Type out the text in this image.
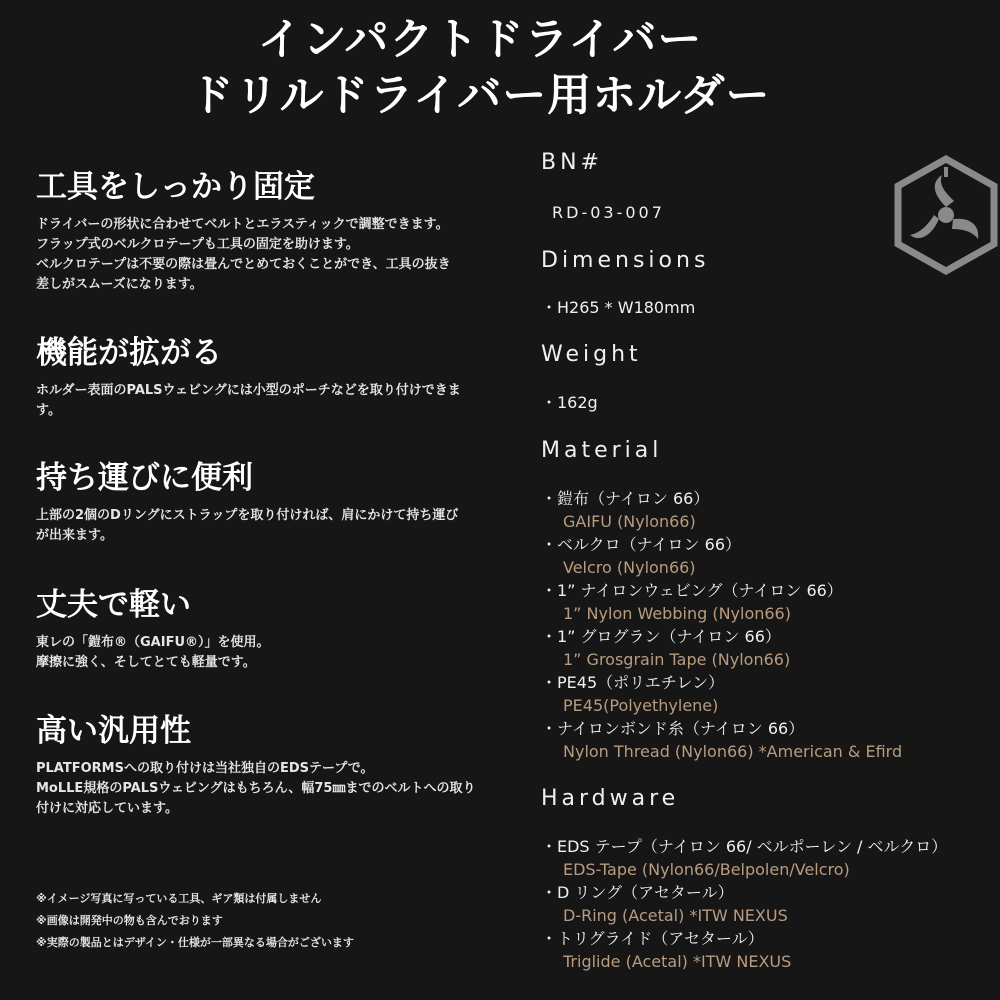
インパクトドライバー
ドリルドライバー用ホルダー
工具をしっかり固定

ドライバーの形状に合わせてベルトとエラスティックで調整できます。
フラップ式のベルクロテープも工具の固定を助けます。
ベルクロテープは不要の際は畳んでとめておくことができ、工具の抜き
差しがスムーズになります。

機能が拡がる

ホルダー表面のPALSウェビングには小型のポーチなどを取り付けできま
す。

持ち運びに便利

上部の2個のDリングにストラップを取り付ければ、肩にかけて持ち運び
が出来ます。

丈夫で軽い

東レの「鎧布®（GAIFU®）」を使用。
摩擦に強く、そしてとても軽量です。

高い汎用性

PLATFORMSへの取り付けは当社独自のEDSテープで。
MoLLE規格のPALSウェビングはもちろん、幅75㎜までのベルトへの取り
付けに対応しています。

※イメージ写真に写っている工具、ギア類は付属しません
※画像は開発中の物も含んでおります
※実際の製品とはデザイン・仕様が一部異なる場合がございます
BN#
RD-03-007
Dimensions
・H265 * W180mm
Weight
・162g
Material
・鎧布（ナイロン 66）
GAIFU (Nylon66)
・ベルクロ（ナイロン 66）
Velcro (Nylon66)
・1” ナイロンウェビング（ナイロン 66）
1” Nylon Webbing (Nylon66)
・1” グログラン（ナイロン 66）
1” Grosgrain Tape (Nylon66)
・PE45（ポリエチレン）
PE45(Polyethylene)
・ナイロンボンド糸（ナイロン 66）
Nylon Thread (Nylon66) *American & Efird
Hardware
・EDS テープ（ナイロン 66/ ベルポーレン / ベルクロ）
EDS-Tape (Nylon66/Belpolen/Velcro)
・D リング（アセタール）
D-Ring (Acetal) *ITW NEXUS
・トリグライド（アセタール）
Triglide (Acetal) *ITW NEXUS
